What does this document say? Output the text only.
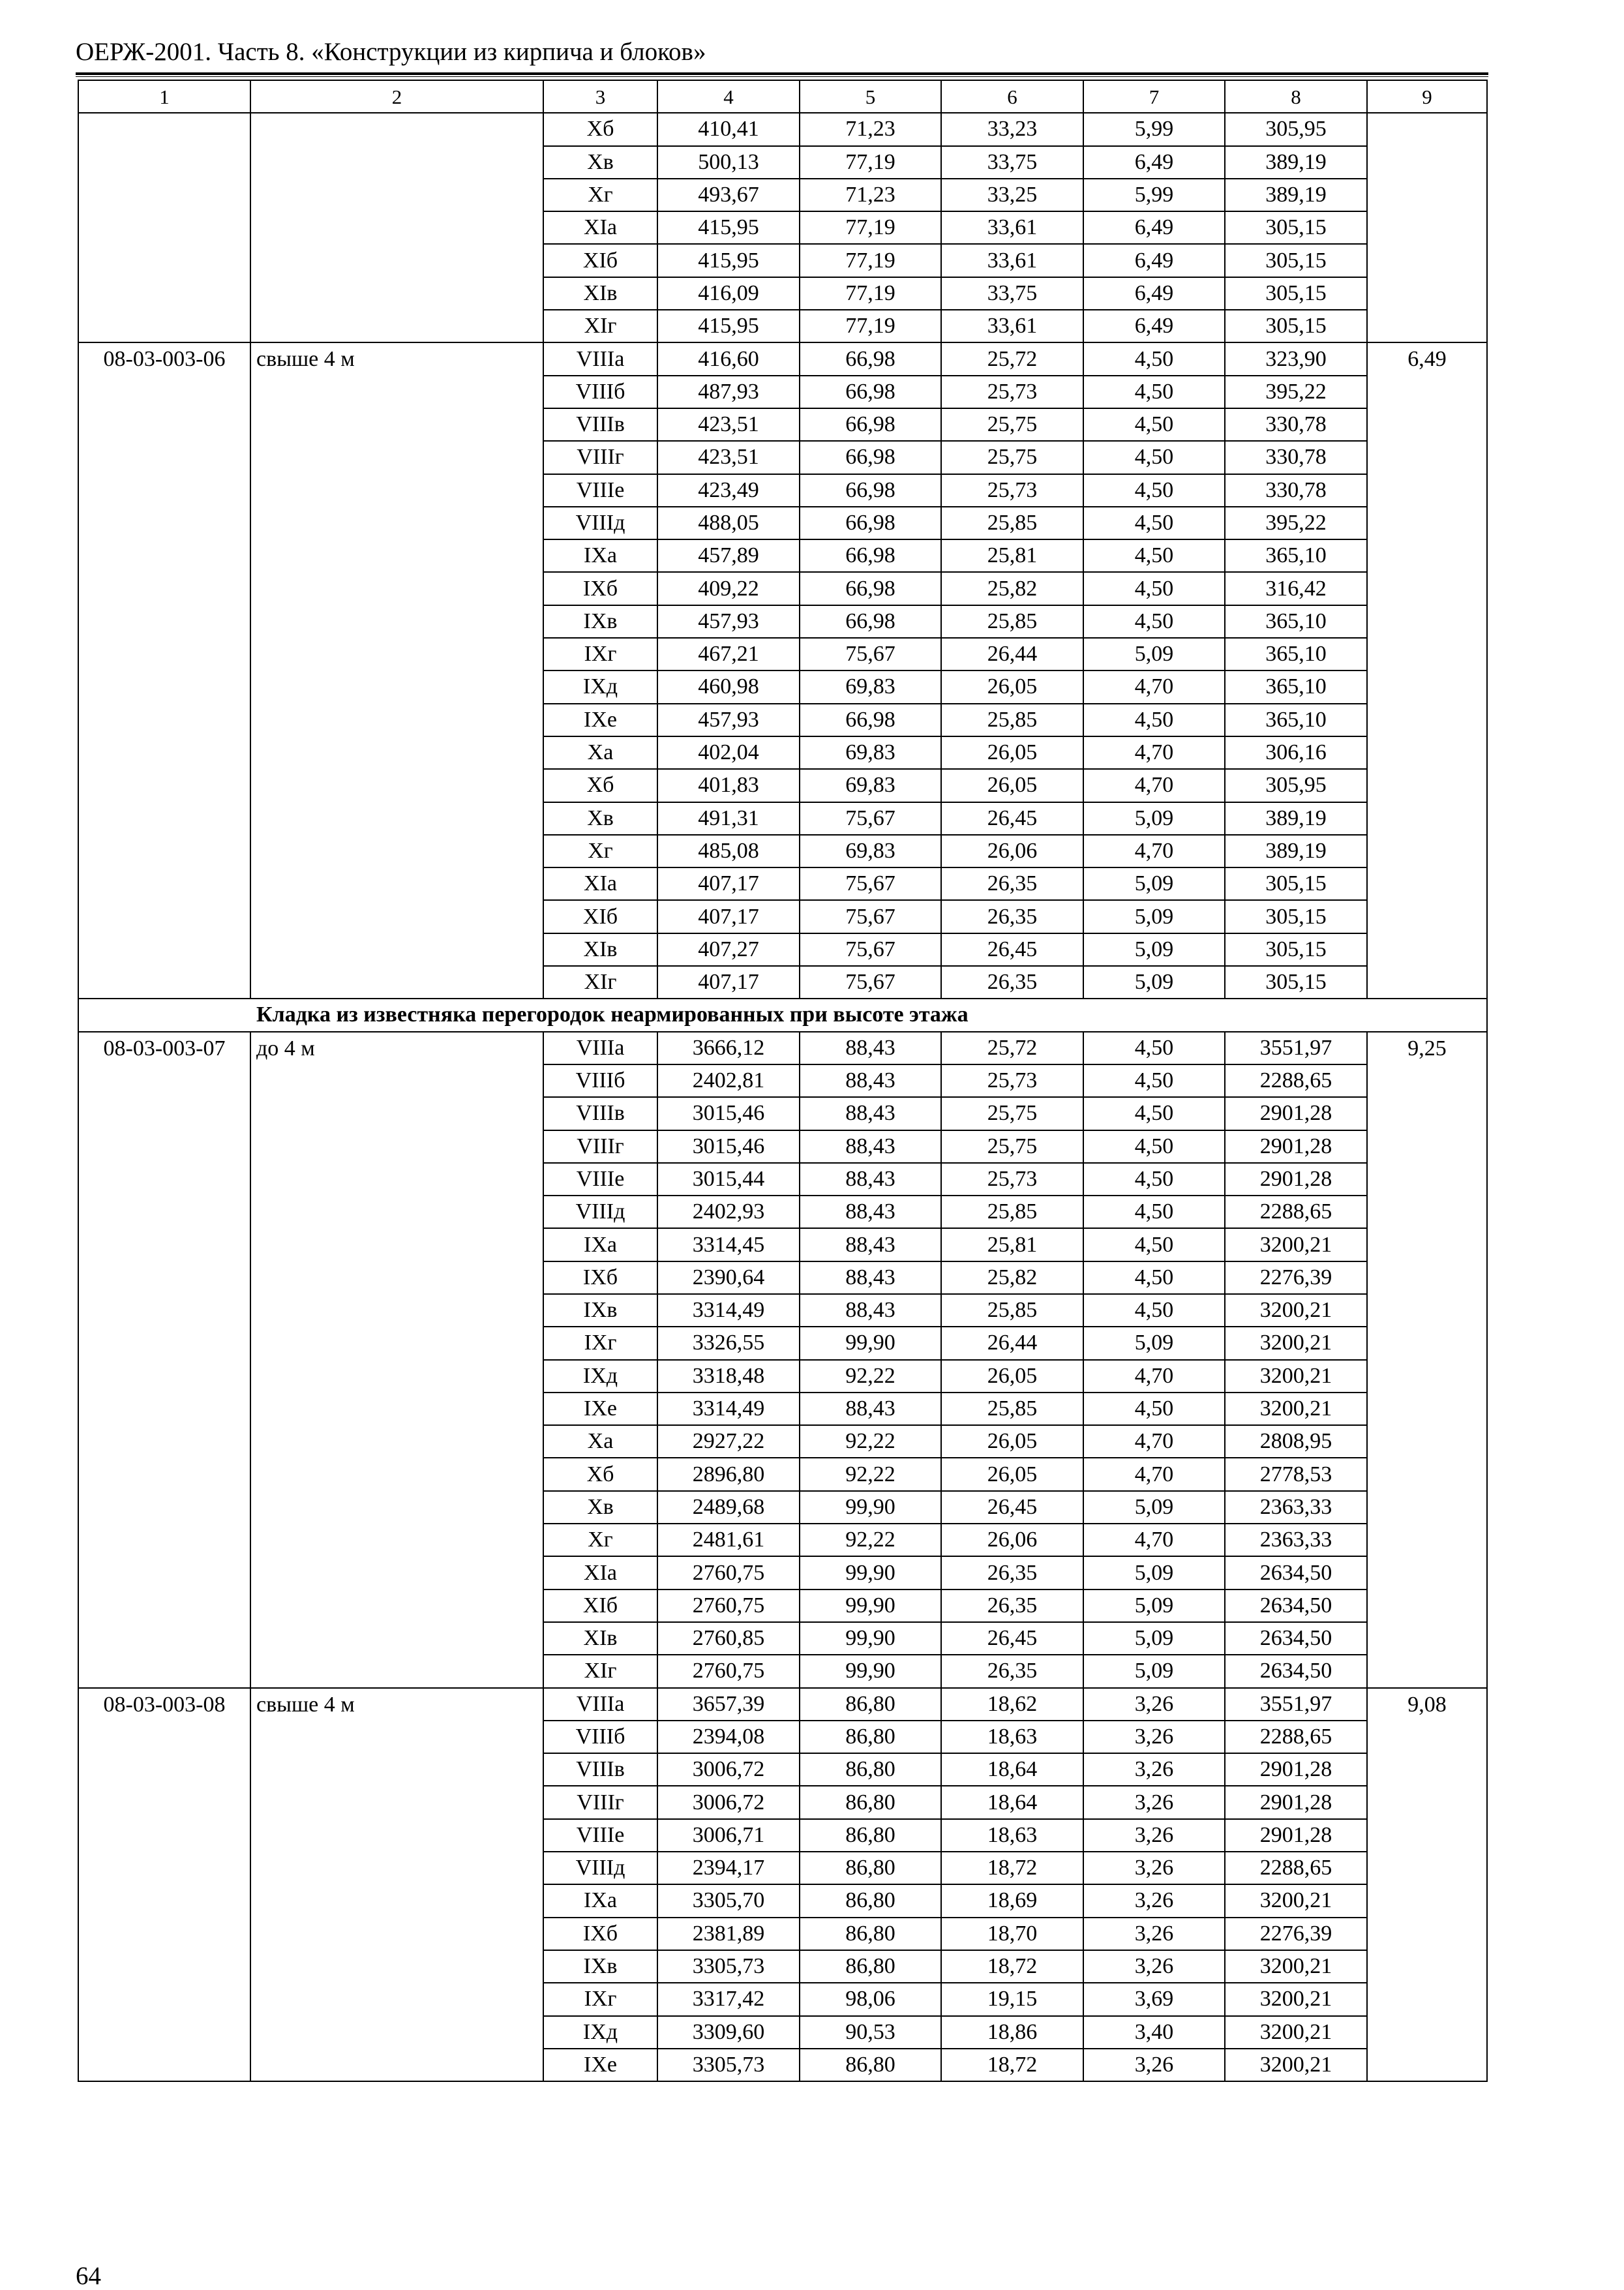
ОЕРЖ-2001. Часть 8. «Конструкции из кирпича и блоков»
1	2	3	4	5	6	7	8	9
		Хб	410,41	71,23	33,23	5,99	305,95	
		Хв	500,13	77,19	33,75	6,49	389,19	
		Хг	493,67	71,23	33,25	5,99	389,19	
		XIа	415,95	77,19	33,61	6,49	305,15	
		XIб	415,95	77,19	33,61	6,49	305,15	
		XIв	416,09	77,19	33,75	6,49	305,15	
		XIг	415,95	77,19	33,61	6,49	305,15	
08-03-003-06	свыше 4 м	VIIIа	416,60	66,98	25,72	4,50	323,90	6,49
		VIIIб	487,93	66,98	25,73	4,50	395,22	
		VIIIв	423,51	66,98	25,75	4,50	330,78	
		VIIIг	423,51	66,98	25,75	4,50	330,78	
		VIIIе	423,49	66,98	25,73	4,50	330,78	
		VIIIд	488,05	66,98	25,85	4,50	395,22	
		IXа	457,89	66,98	25,81	4,50	365,10	
		IXб	409,22	66,98	25,82	4,50	316,42	
		IXв	457,93	66,98	25,85	4,50	365,10	
		IXг	467,21	75,67	26,44	5,09	365,10	
		IXд	460,98	69,83	26,05	4,70	365,10	
		IXе	457,93	66,98	25,85	4,50	365,10	
		Ха	402,04	69,83	26,05	4,70	306,16	
		Хб	401,83	69,83	26,05	4,70	305,95	
		Хв	491,31	75,67	26,45	5,09	389,19	
		Хг	485,08	69,83	26,06	4,70	389,19	
		XIа	407,17	75,67	26,35	5,09	305,15	
		XIб	407,17	75,67	26,35	5,09	305,15	
		XIв	407,27	75,67	26,45	5,09	305,15	
		XIг	407,17	75,67	26,35	5,09	305,15	
Кладка из известняка перегородок неармированных при высоте этажа								
08-03-003-07	до 4 м	VIIIа	3666,12	88,43	25,72	4,50	3551,97	9,25
		VIIIб	2402,81	88,43	25,73	4,50	2288,65	
		VIIIв	3015,46	88,43	25,75	4,50	2901,28	
		VIIIг	3015,46	88,43	25,75	4,50	2901,28	
		VIIIе	3015,44	88,43	25,73	4,50	2901,28	
		VIIIд	2402,93	88,43	25,85	4,50	2288,65	
		IXа	3314,45	88,43	25,81	4,50	3200,21	
		IXб	2390,64	88,43	25,82	4,50	2276,39	
		IXв	3314,49	88,43	25,85	4,50	3200,21	
		IXг	3326,55	99,90	26,44	5,09	3200,21	
		IXд	3318,48	92,22	26,05	4,70	3200,21	
		IXе	3314,49	88,43	25,85	4,50	3200,21	
		Ха	2927,22	92,22	26,05	4,70	2808,95	
		Хб	2896,80	92,22	26,05	4,70	2778,53	
		Хв	2489,68	99,90	26,45	5,09	2363,33	
		Хг	2481,61	92,22	26,06	4,70	2363,33	
		XIа	2760,75	99,90	26,35	5,09	2634,50	
		XIб	2760,75	99,90	26,35	5,09	2634,50	
		XIв	2760,85	99,90	26,45	5,09	2634,50	
		XIг	2760,75	99,90	26,35	5,09	2634,50	
08-03-003-08	свыше 4 м	VIIIа	3657,39	86,80	18,62	3,26	3551,97	9,08
		VIIIб	2394,08	86,80	18,63	3,26	2288,65	
		VIIIв	3006,72	86,80	18,64	3,26	2901,28	
		VIIIг	3006,72	86,80	18,64	3,26	2901,28	
		VIIIе	3006,71	86,80	18,63	3,26	2901,28	
		VIIIд	2394,17	86,80	18,72	3,26	2288,65	
		IXа	3305,70	86,80	18,69	3,26	3200,21	
		IXб	2381,89	86,80	18,70	3,26	2276,39	
		IXв	3305,73	86,80	18,72	3,26	3200,21	
		IXг	3317,42	98,06	19,15	3,69	3200,21	
		IXд	3309,60	90,53	18,86	3,40	3200,21	
		IXе	3305,73	86,80	18,72	3,26	3200,21	
64
